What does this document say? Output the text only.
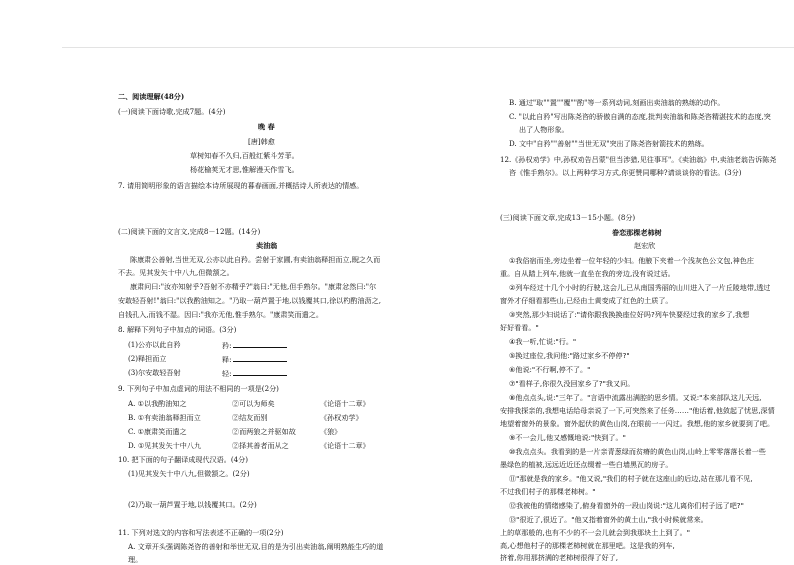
二、阅读理解(48分)
(一)阅读下面诗歌,完成7题。(4分)
晚 春
[唐]韩愈
草树知春不久归,百般红紫斗芳菲。
杨花榆荚无才思,惟解漫天作雪飞。
7. 请用简明形象的语言描绘本诗所展现的暮春画面,并概括诗人所表达的情感。
(二)阅读下面的文言文,完成8－12题。(14分)
卖油翁
陈康肃公善射,当世无双,公亦以此自矜。尝射于家圃,有卖油翁释担而立,睨之久而
不去。见其发矢十中八九,但微颔之。
康肃问曰:"汝亦知射乎?吾射不亦精乎?"翁曰:"无他,但手熟尔。"康肃忿然曰:"尔
安敢轻吾射!"翁曰:"以我酌油知之。"乃取一葫芦置于地,以钱覆其口,徐以杓酌油沥之,
自钱孔入,而钱不湿。因曰:"我亦无他,惟手熟尔。"康肃笑而遣之。
8. 解释下列句子中加点的词语。(3分)
(1)公亦以此自矜	矜:
(2)释担而立	释:
(3)尔安敢轻吾射	轻:
9. 下列句子中加点虚词的用法不相同的一项是(2分)
A. ①以我酌油知之	②可以为师矣	《论语十二章》
B. ①有卖油翁释担而立	②结友而别	《孙权劝学》
C. ①康肃笑而遣之	②而两狼之并驱如故	《狼》
D. ①见其发矢十中八九	②择其善者而从之	《论语十二章》
10. 把下面的句子翻译成现代汉语。(4分)
(1)见其发矢十中八九,但微颔之。(2分)
(2)乃取一葫芦置于地,以钱覆其口。(2分)
11. 下列对选文的内容和写法表述不正确的一项(2分)
A. 文章开头强调陈尧咨的善射和举世无双,目的是为引出卖油翁,阐明熟能生巧的道
理。
B. 通过"取""置""覆""酌"等一系列动词,刻画出卖油翁的熟练的动作。
C. "以此自矜"写出陈尧咨的骄傲自满的态度,批判卖油翁和陈尧咨精湛技术的态度,突
出了人物形象。
D. 文中"自矜""善射""当世无双"突出了陈尧咨射箭技术的熟练。
12.《孙权劝学》中,孙权劝告吕蒙"但当涉猎,见往事耳"。《卖油翁》中,卖油老翁告诉陈尧
咨《惟手熟尔》。以上两种学习方式,你更赞同哪种?请谈谈你的看法。(3分)
(三)阅读下面文章,完成13－15小题。(8分)
眷恋那棵老柿树
赵宏欣
①我俗宿而坐,旁边坐着一位年轻的少妇。他腋下夹着一个浅灰色公文包,神色庄
重。自从踏上列车,他就一直坐在我的旁边,没有说过话。
②列车经过十几个小时的行驶,这会儿,已从南国秀丽的山川进入了一片丘陵地带,透过
窗外才仔细看那些山,已经由土黄变成了红色的土质了。
③突然,那少妇说话了:"请你跟我换换座位好吗?列车快要经过我的家乡了,我想
好好看看。"
④我一听,忙说:"行。"
⑤换过座位,我问他:"路过家乡不停停?"
⑥他说:"不行啊,停不了。"
⑦"看样子,你很久没回家乡了?"我又问。
⑧他点点头,说:"三年了。"言语中流露出满腔的思乡情。又说:"本来部队这儿天远,
安排我探亲的,我想电话给母亲说了一下,可突然来了任务……"他话着,他敛起了忧思,深情
地望着窗外的景象。窗外起伏的黄色山岗,在眼前一一闪过。我想,他的家乡就要到了吧。
⑨不一会儿,他又感慨地说:"快到了。"
⑩我点点头。我看到的是一片亲青葱绿而贫瘠的黄色山岗,山岭上零零落落长着一些
墨绿色的植被,远远近近还点缀着一些白墙黑瓦的房子。
⑪"那就是我的家乡。"他又说,"我们的村子就在这座山的后边,站在那儿看不见,
不过我们村子的那棵老柿树。"
⑫我被他的情绪感染了,俯身看窗外的一段山岗说:"这儿离你们村子远了吧?"
⑬"很近了,很近了。"他又指着窗外的黄土山,"我小时候就常来。
上的草那般的,也有不少的不一会儿就会到我那块土上到了。"
高,心想他村子的那棵老柿树就在那里吧。这是我的列车,
挤着,你用那挤满的老柿树很得了好了,
